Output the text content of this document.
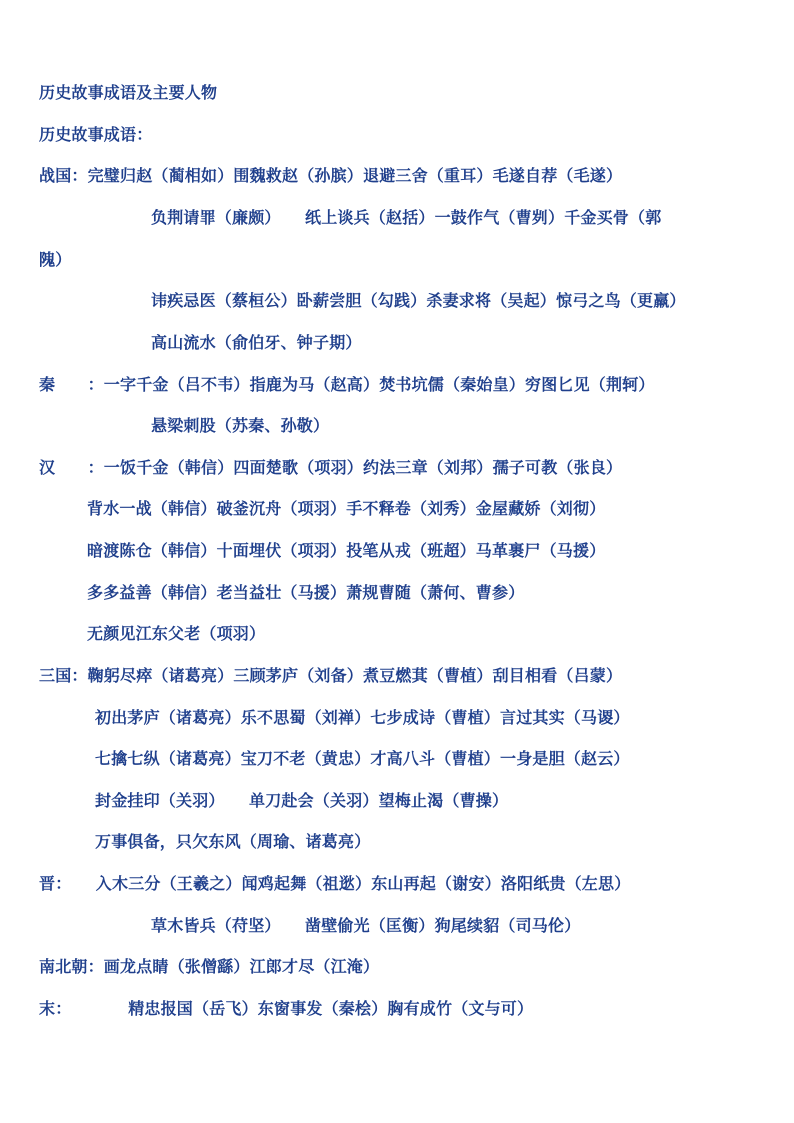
历史故事成语及主要人物
历史故事成语：
战国：完璧归赵（蔺相如）围魏救赵（孙膑）退避三舍（重耳）毛遂自荐（毛遂）
负荆请罪（廉颇）　　纸上谈兵（赵括）一鼓作气（曹刿）千金买骨（郭
隗）
讳疾忌医（蔡桓公）卧薪尝胆（勾践）杀妻求将（吴起）惊弓之鸟（更羸）
高山流水（俞伯牙、钟子期）
秦　　：一字千金（吕不韦）指鹿为马（赵高）焚书坑儒（秦始皇）穷图匕见（荆轲）
悬梁刺股（苏秦、孙敬）
汉　　：一饭千金（韩信）四面楚歌（项羽）约法三章（刘邦）孺子可教（张良）
背水一战（韩信）破釜沉舟（项羽）手不释卷（刘秀）金屋藏娇（刘彻）
暗渡陈仓（韩信）十面埋伏（项羽）投笔从戎（班超）马革裹尸（马援）
多多益善（韩信）老当益壮（马援）萧规曹随（萧何、曹参）
无颜见江东父老（项羽）
三国：鞠躬尽瘁（诸葛亮）三顾茅庐（刘备）煮豆燃萁（曹植）刮目相看（吕蒙）
初出茅庐（诸葛亮）乐不思蜀（刘禅）七步成诗（曹植）言过其实（马谡）
七擒七纵（诸葛亮）宝刀不老（黄忠）才高八斗（曹植）一身是胆（赵云）
封金挂印（关羽）　　单刀赴会（关羽）望梅止渴（曹操）
万事俱备，只欠东风（周瑜、诸葛亮）
晋：　　入木三分（王羲之）闻鸡起舞（祖逖）东山再起（谢安）洛阳纸贵（左思）
草木皆兵（苻坚）　　凿壁偷光（匡衡）狗尾续貂（司马伦）
南北朝：画龙点睛（张僧繇）江郎才尽（江淹）
末：　　　　精忠报国（岳飞）东窗事发（秦桧）胸有成竹（文与可）
